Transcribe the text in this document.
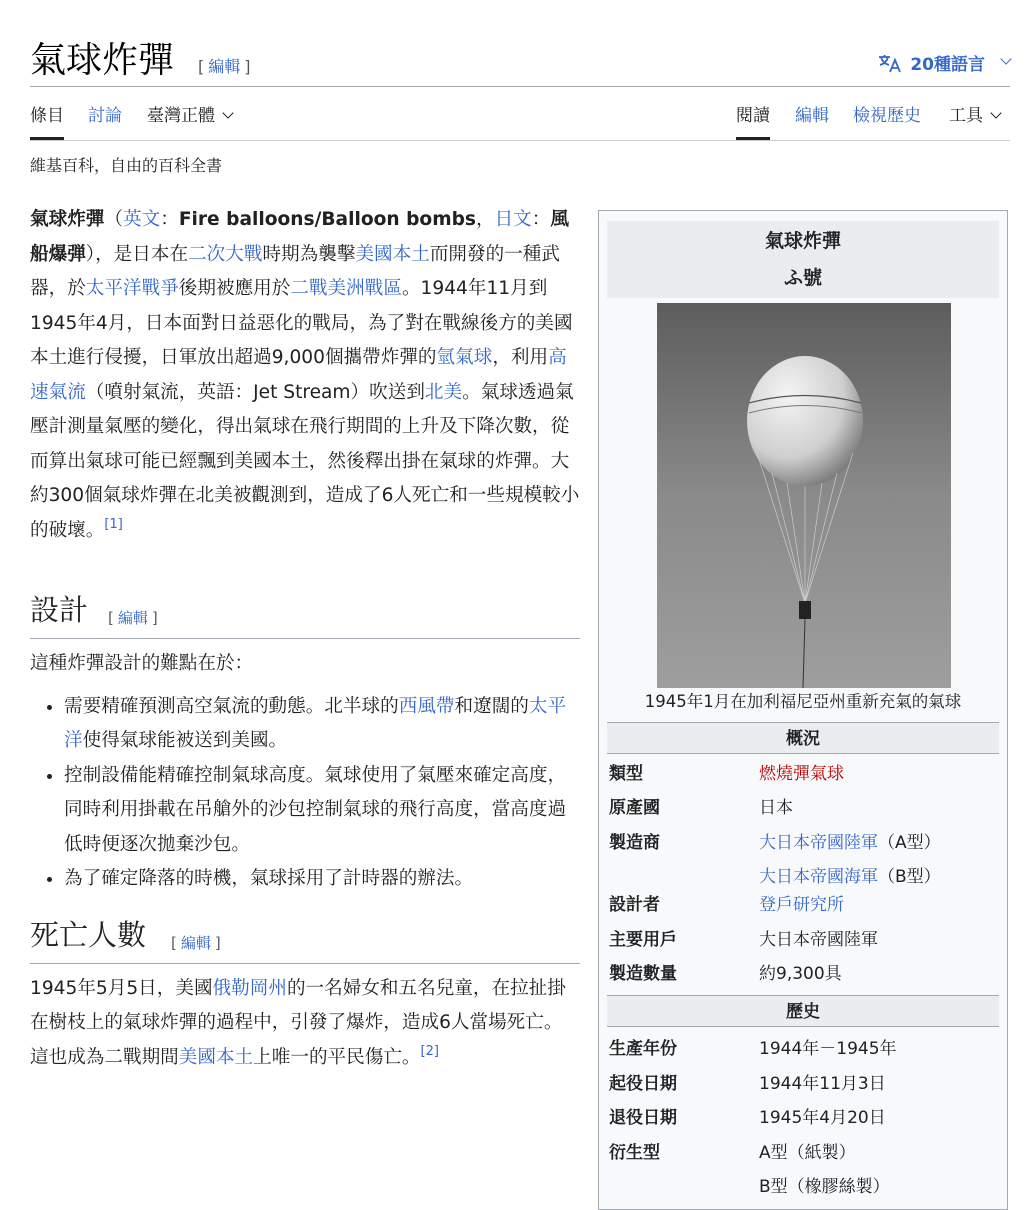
氣球炸彈 [ 編輯 ]	20種語言
條目 討論 臺灣正體	閱讀 編輯 檢視歷史 工具
維基百科，自由的百科全書

氣球炸彈（英文：Fire balloons/Balloon bombs，日文：風船爆弾），是日本在二次大戰時期為襲擊美國本土而開發的一種武器，於太平洋戰爭後期被應用於二戰美洲戰區。1944年11月到1945年4月，日本面對日益惡化的戰局，為了對在戰線後方的美國本土進行侵擾，日軍放出超過9,000個攜帶炸彈的氫氣球，利用高速氣流（噴射氣流，英語：Jet Stream）吹送到北美。氣球透過氣壓計測量氣壓的變化，得出氣球在飛行期間的上升及下降次數，從而算出氣球可能已經飄到美國本土，然後釋出掛在氣球的炸彈。大約300個氣球炸彈在北美被觀測到，造成了6人死亡和一些規模較小的破壞。[1]

設計 [ 編輯 ]

這種炸彈設計的難點在於：

• 需要精確預測高空氣流的動態。北半球的西風帶和遼闊的太平洋使得氣球能被送到美國。
• 控制設備能精確控制氣球高度。氣球使用了氣壓來確定高度，同時利用掛載在吊艙外的沙包控制氣球的飛行高度，當高度過低時便逐次拋棄沙包。
• 為了確定降落的時機，氣球採用了計時器的辦法。
死亡人數 [ 編輯 ]

1945年5月5日，美國俄勒岡州的一名婦女和五名兒童，在拉扯掛在樹枝上的氣球炸彈的過程中，引發了爆炸，造成6人當場死亡。這也成為二戰期間美國本土上唯一的平民傷亡。[2]

氣球炸彈
ふ號
1945年1月在加利福尼亞州重新充氣的氣球
概況
類型	燃燒彈氣球
原產國	日本
製造商	大日本帝國陸軍（A型）
大日本帝國海軍（B型）
設計者	登戶研究所
主要用戶	大日本帝國陸軍
製造數量	約9,300具
歷史
生產年份	1944年－1945年
起役日期	1944年11月3日
退役日期	1945年4月20日
衍生型	A型（紙製）
B型（橡膠絲製）
